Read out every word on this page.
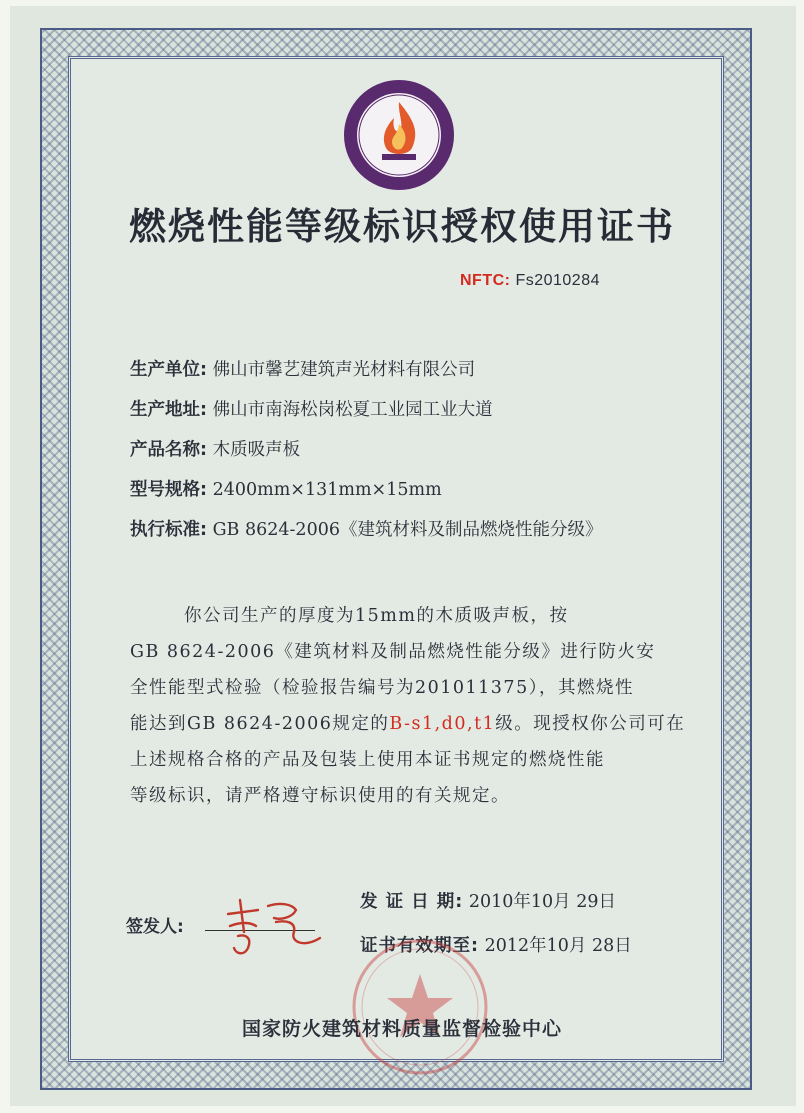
燃烧性能等级标识授权使用证书
NFTC: Fs2010284
生产单位: 佛山市馨艺建筑声光材料有限公司
生产地址: 佛山市南海松岗松夏工业园工业大道
产品名称: 木质吸声板
型号规格: 2400mm×131mm×15mm
执行标准: GB 8624-2006《建筑材料及制品燃烧性能分级》
你公司生产的厚度为15mm的木质吸声板，按
GB 8624-2006《建筑材料及制品燃烧性能分级》进行防火安
全性能型式检验（检验报告编号为201011375），其燃烧性
能达到GB 8624-2006规定的B-s1,d0,t1级。现授权你公司可在
上述规格合格的产品及包装上使用本证书规定的燃烧性能
等级标识，请严格遵守标识使用的有关规定。
签发人:
发 证 日 期: 2010年10月 29日
证书有效期至: 2012年10月 28日
国家防火建筑材料质量监督检验中心
